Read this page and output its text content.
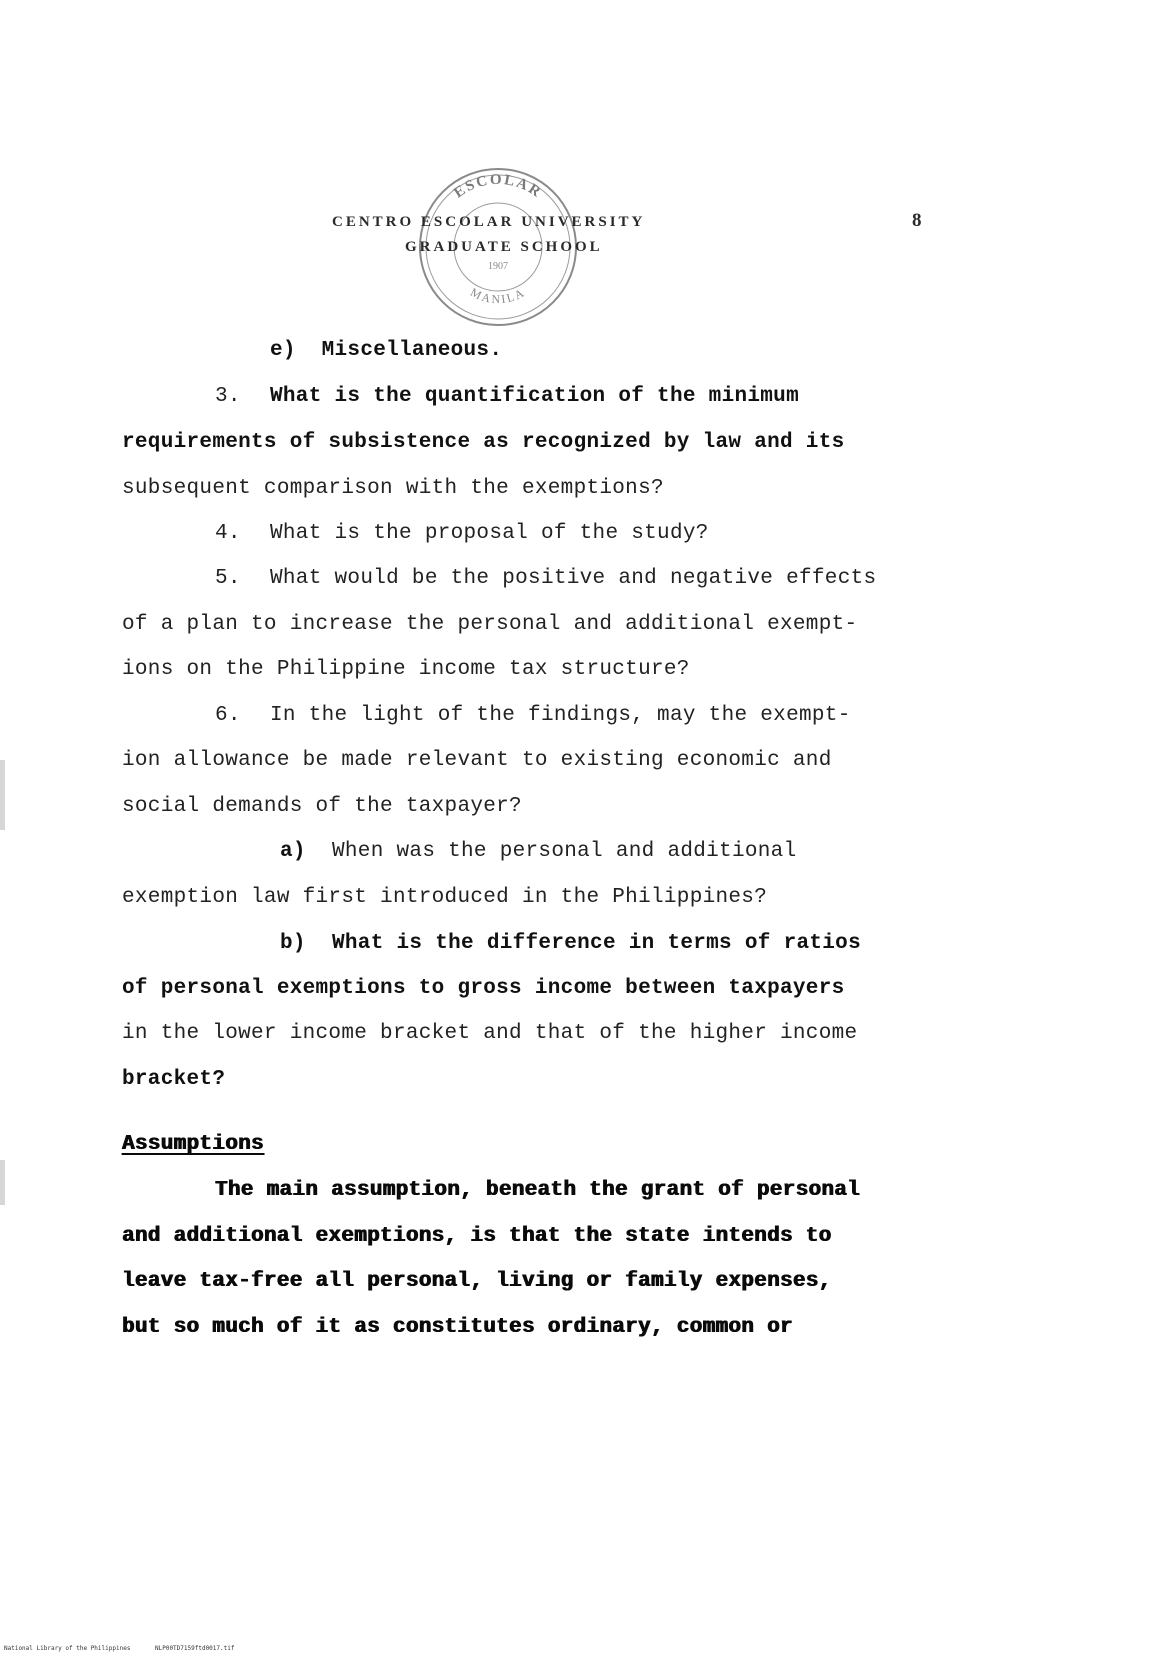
ESCOLAR
1907
MANILA
CENTRO ESCOLAR UNIVERSITY
GRADUATE SCHOOL
8
e)  Miscellaneous.
3. What is the quantification of the minimum
requirements of subsistence as recognized by law and its
subsequent comparison with the exemptions?
4. What is the proposal of the study?
5. What would be the positive and negative effects
of a plan to increase the personal and additional exempt-
ions on the Philippine income tax structure?
6. In the light of the findings, may the exempt-
ion allowance be made relevant to existing economic and
social demands of the taxpayer?
a) When was the personal and additional
exemption law first introduced in the Philippines?
b) What is the difference in terms of ratios
of personal exemptions to gross income between taxpayers
in the lower income bracket and that of the higher income
bracket?
Assumptions
The main assumption, beneath the grant of personal
and additional exemptions, is that the state intends to
leave tax-free all personal, living or family expenses,
but so much of it as constitutes ordinary, common or
National Library of the Philippines	NLP00TD7159ftd0017.tif
